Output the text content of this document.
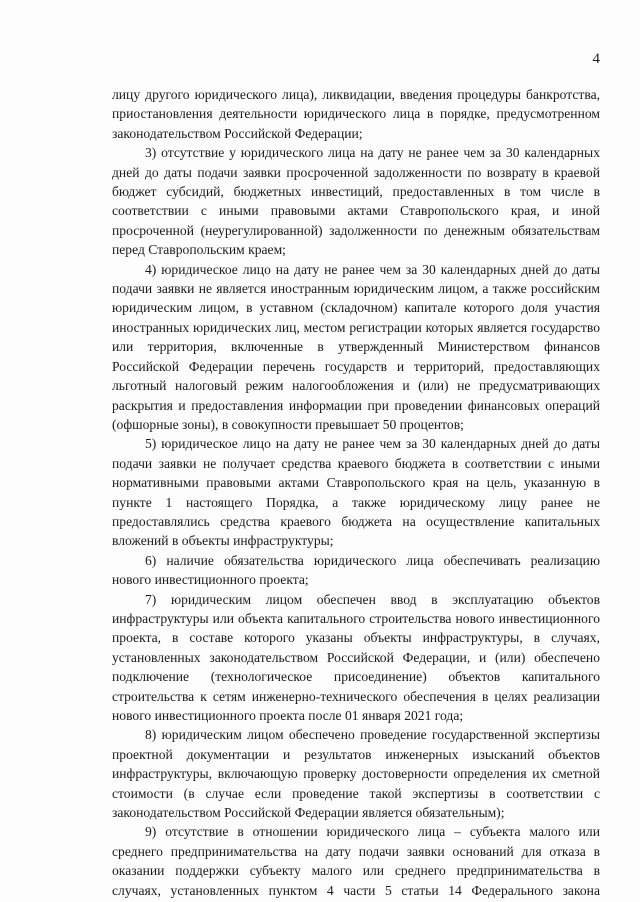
4

лицу другого юридического лица), ликвидации, введения процедуры банкротства, приостановления деятельности юридического лица в порядке, предусмотренном законодательством Российской Федерации;

3) отсутствие у юридического лица на дату не ранее чем за 30 календарных дней до даты подачи заявки просроченной задолженности по возврату в краевой бюджет субсидий, бюджетных инвестиций, предоставленных в том числе в соответствии с иными правовыми актами Ставропольского края, и иной просроченной (неурегулированной) задолженности по денежным обязательствам перед Ставропольским краем;

4) юридическое лицо на дату не ранее чем за 30 календарных дней до даты подачи заявки не является иностранным юридическим лицом, а также российским юридическим лицом, в уставном (складочном) капитале которого доля участия иностранных юридических лиц, местом регистрации которых является государство или территория, включенные в утвержденный Министерством финансов Российской Федерации перечень государств и территорий, предоставляющих льготный налоговый режим налогообложения и (или) не предусматривающих раскрытия и предоставления информации при проведении финансовых операций (офшорные зоны), в совокупности превышает 50 процентов;

5) юридическое лицо на дату не ранее чем за 30 календарных дней до даты подачи заявки не получает средства краевого бюджета в соответствии с иными нормативными правовыми актами Ставропольского края на цель, указанную в пункте 1 настоящего Порядка, а также юридическому лицу ранее не предоставлялись средства краевого бюджета на осуществление капитальных вложений в объекты инфраструктуры;

6) наличие обязательства юридического лица обеспечивать реализацию нового инвестиционного проекта;

7) юридическим лицом обеспечен ввод в эксплуатацию объектов инфраструктуры или объекта капитального строительства нового инвестиционного проекта, в составе которого указаны объекты инфраструктуры, в случаях, установленных законодательством Российской Федерации, и (или) обеспечено подключение (технологическое присоединение) объектов капитального строительства к сетям инженерно-технического обеспечения в целях реализации нового инвестиционного проекта после 01 января 2021 года;

8) юридическим лицом обеспечено проведение государственной экспертизы проектной документации и результатов инженерных изысканий объектов инфраструктуры, включающую проверку достоверности определения их сметной стоимости (в случае если проведение такой экспертизы в соответствии с законодательством Российской Федерации является обязательным);

9) отсутствие в отношении юридического лица – субъекта малого или среднего предпринимательства на дату подачи заявки оснований для отказа в оказании поддержки субъекту малого или среднего предпринимательства в случаях, установленных пунктом 4 части 5 статьи 14 Федерального закона
